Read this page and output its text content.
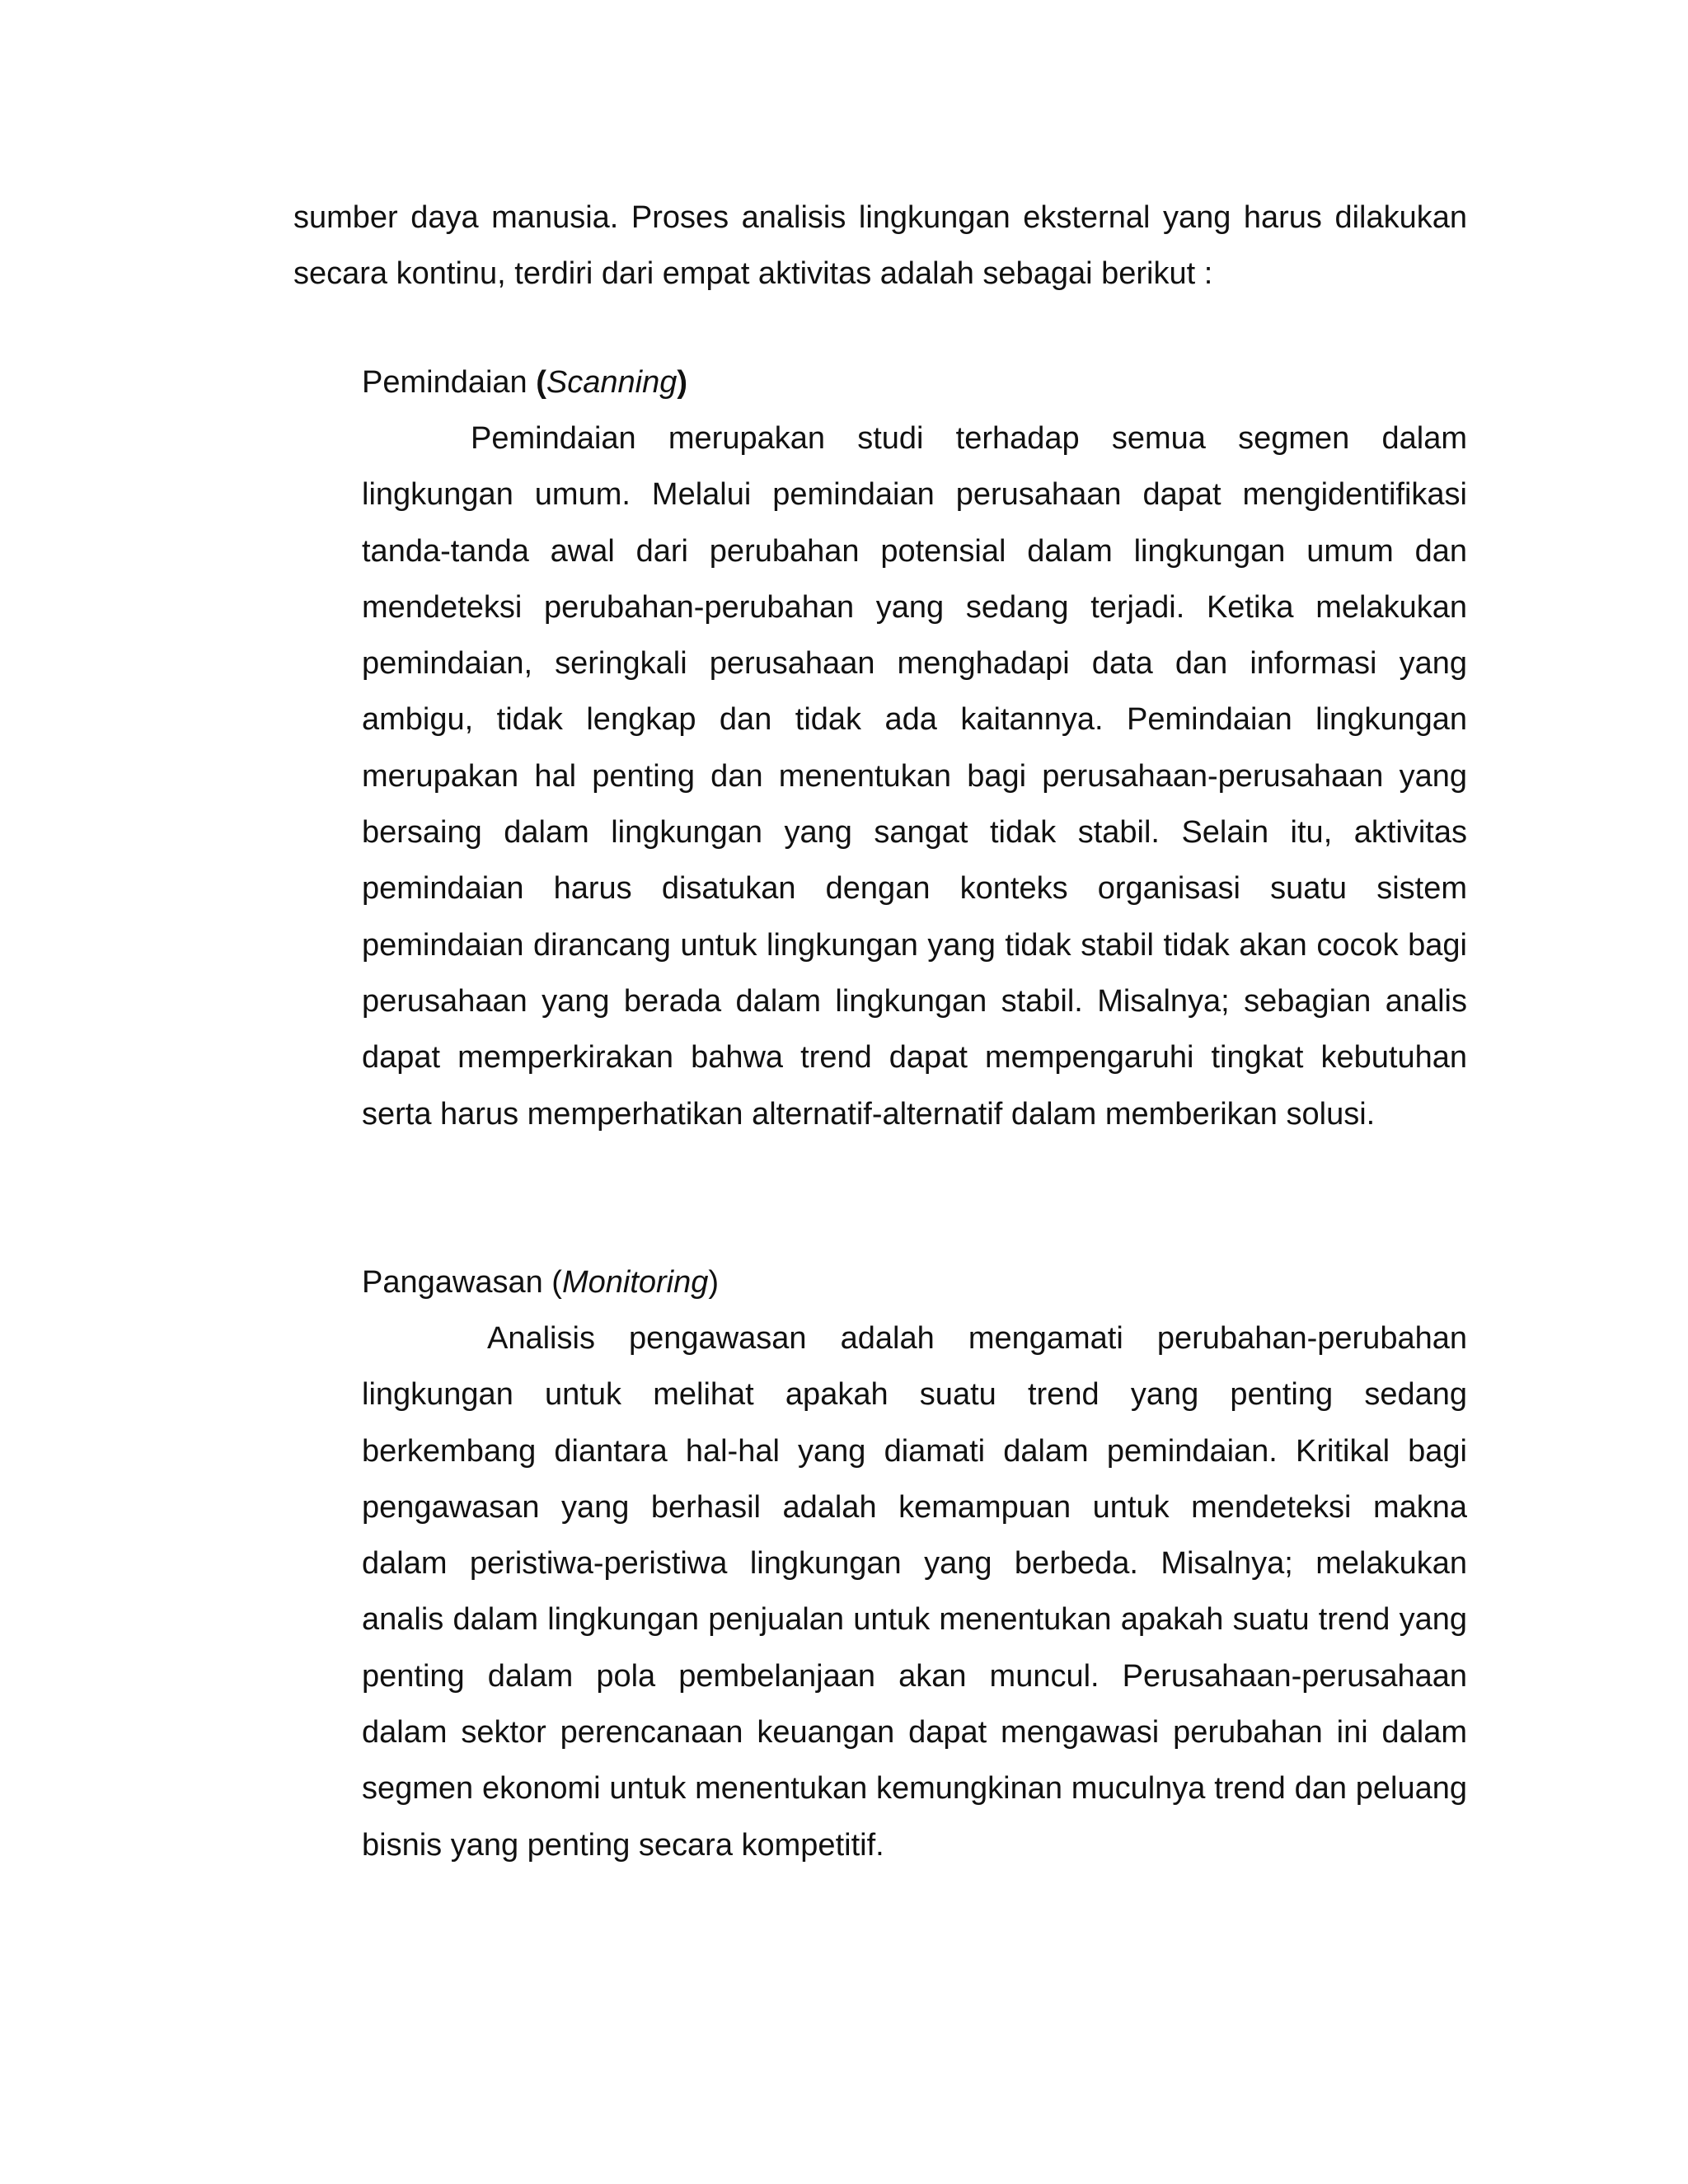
sumber daya manusia. Proses analisis lingkungan eksternal yang harus dilakukan secara kontinu, terdiri dari empat aktivitas adalah sebagai berikut :

Pemindaian (Scanning)

Pemindaian merupakan studi terhadap semua segmen dalam lingkungan umum. Melalui pemindaian perusahaan dapat mengidentifikasi tanda-tanda awal dari perubahan potensial dalam lingkungan umum dan mendeteksi perubahan-perubahan yang sedang terjadi. Ketika melakukan pemindaian, seringkali perusahaan menghadapi data dan informasi yang ambigu, tidak lengkap dan tidak ada kaitannya. Pemindaian lingkungan merupakan hal penting dan menentukan bagi perusahaan-perusahaan yang bersaing dalam lingkungan yang sangat tidak stabil. Selain itu, aktivitas pemindaian harus disatukan dengan konteks organisasi suatu sistem pemindaian dirancang untuk lingkungan yang tidak stabil tidak akan cocok bagi perusahaan yang berada dalam lingkungan stabil. Misalnya; sebagian analis dapat memperkirakan bahwa trend dapat mempengaruhi tingkat kebutuhan serta harus memperhatikan alternatif-alternatif dalam memberikan solusi.

Pangawasan (Monitoring)

Analisis pengawasan adalah mengamati perubahan-perubahan lingkungan untuk melihat apakah suatu trend yang penting sedang berkembang diantara hal-hal yang diamati dalam pemindaian. Kritikal bagi pengawasan yang berhasil adalah kemampuan untuk mendeteksi makna dalam peristiwa-peristiwa lingkungan yang berbeda. Misalnya; melakukan analis dalam lingkungan penjualan untuk menentukan apakah suatu trend yang penting dalam pola pembelanjaan akan muncul. Perusahaan-perusahaan dalam sektor perencanaan keuangan dapat mengawasi perubahan ini dalam segmen ekonomi untuk menentukan kemungkinan muculnya trend dan peluang bisnis yang penting secara kompetitif.
